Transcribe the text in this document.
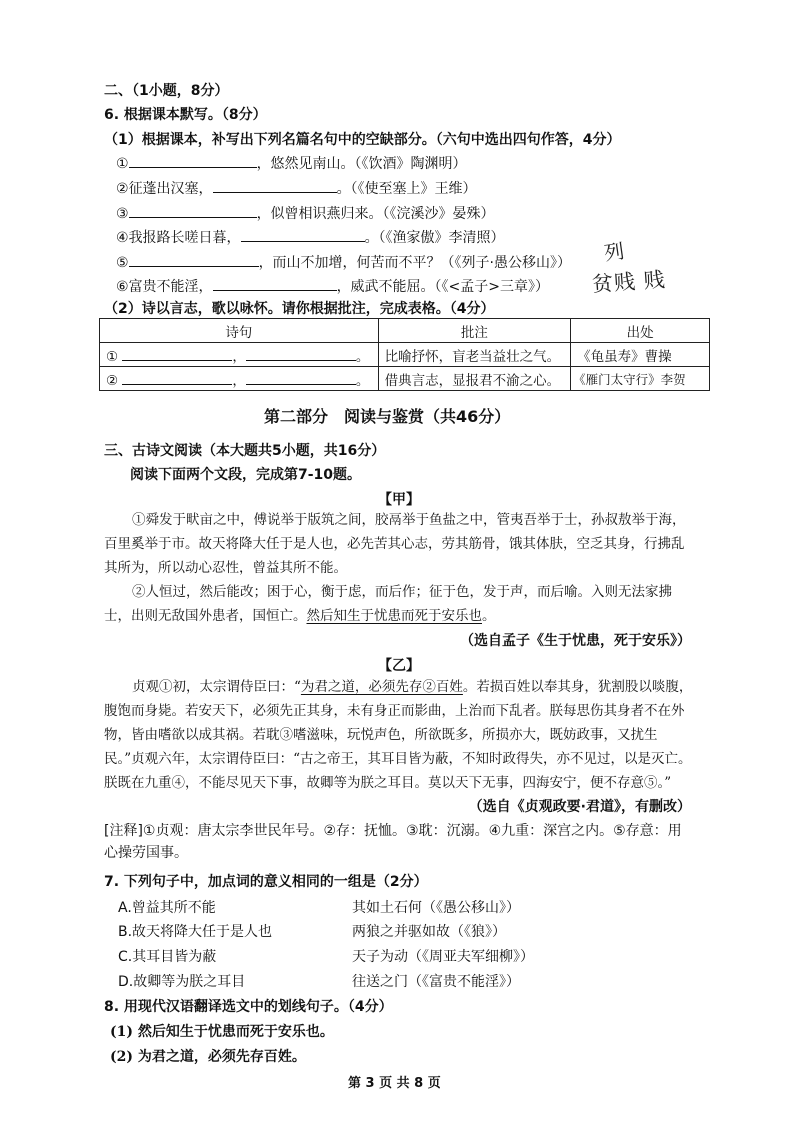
二、（1小题，8分）
6. 根据课本默写。（8分）
（1）根据课本，补写出下列名篇名句中的空缺部分。（六句中选出四句作答，4分）
①	，悠然见南山。（《饮酒》陶渊明）
②征蓬出汉塞，	。（《使至塞上》王维）
③	，似曾相识燕归来。（《浣溪沙》晏殊）
④我报路长嗟日暮，	。（《渔家傲》李清照）
⑤	，而山不加增，何苦而不平？（《列子·愚公移山》）
⑥富贵不能淫，	，威武不能屈。（《<孟子>三章》）
列
贫贱 贱
（2）诗以言志，歌以咏怀。请你根据批注，完成表格。（4分）
诗句	批注	出处
① ， 。	比喻抒怀，盲老当益壮之气。	《龟虽寿》曹操
② ， 。	借典言志，显报君不渝之心。	《雁门太守行》李贺
第二部分　阅读与鉴赏（共46分）
三、古诗文阅读（本大题共5小题，共16分）
阅读下面两个文段，完成第7-10题。
【甲】
①舜发于畎亩之中，傅说举于版筑之间，胶鬲举于鱼盐之中，管夷吾举于士，孙叔敖举于海，百里奚举于市。故天将降大任于是人也，必先苦其心志，劳其筋骨，饿其体肤，空乏其身，行拂乱其所为，所以动心忍性，曾益其所不能。
②人恒过，然后能改；困于心，衡于虑，而后作；征于色，发于声，而后喻。入则无法家拂士，出则无敌国外患者，国恒亡。然后知生于忧患而死于安乐也。
（选自孟子《生于忧患，死于安乐》）
【乙】
贞观①初，太宗谓侍臣曰：“为君之道，必须先存②百姓。若损百姓以奉其身，犹割股以啖腹，腹饱而身毙。若安天下，必须先正其身，未有身正而影曲，上治而下乱者。朕每思伤其身者不在外物，皆由嗜欲以成其祸。若耽③嗜滋味，玩悦声色，所欲既多，所损亦大，既妨政事，又扰生民。”贞观六年，太宗谓侍臣曰：“古之帝王，其耳目皆为蔽，不知时政得失，亦不见过，以是灭亡。朕既在九重④，不能尽见天下事，故卿等为朕之耳目。莫以天下无事，四海安宁，便不存意⑤。”
（选自《贞观政要·君道》，有删改）
[注释]①贞观：唐太宗李世民年号。②存：抚恤。③耽：沉溺。④九重：深宫之内。⑤存意：用心操劳国事。
7. 下列句子中，加点词的意义相同的一组是（2分）
A.曾益其所不能	其如土石何（《愚公移山》）
B.故天将降大任于是人也	两狼之并驱如故（《狼》）
C.其耳目皆为蔽	天子为动（《周亚夫军细柳》）
D.故卿等为朕之耳目	往送之门（《富贵不能淫》）
8. 用现代汉语翻译选文中的划线句子。（4分）
(1) 然后知生于忧患而死于安乐也。
(2) 为君之道，必须先存百姓。
第 3 页 共 8 页
